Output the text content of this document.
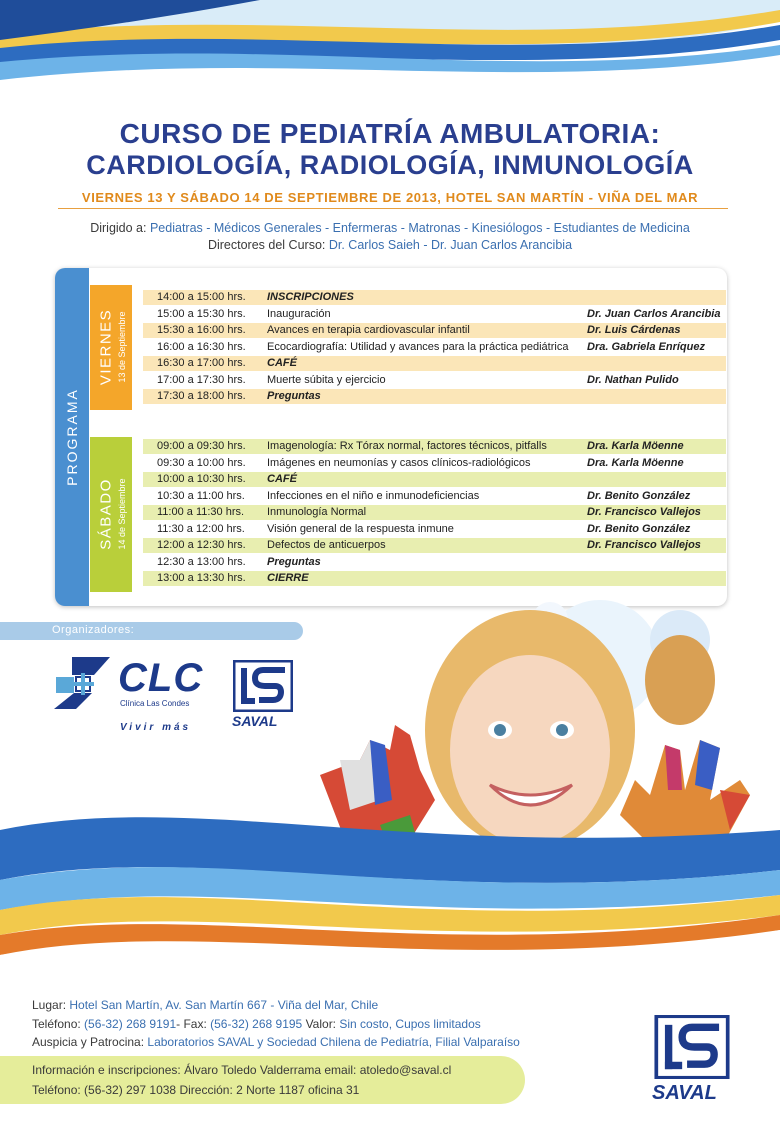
CURSO DE PEDIATRÍA AMBULATORIA:
CARDIOLOGÍA, RADIOLOGÍA, INMUNOLOGÍA
VIERNES 13 Y SÁBADO 14 DE SEPTIEMBRE DE 2013, HOTEL SAN MARTÍN - VIÑA DEL MAR
Dirigido a: Pediatras - Médicos Generales - Enfermeras - Matronas - Kinesiólogos - Estudiantes de Medicina
Directores del Curso: Dr. Carlos Saieh - Dr. Juan Carlos Arancibia
PROGRAMA
VIERNES 13 de Septiembre
SÁBADO 14 de Septiembre
14:00 a 15:00 hrs. INSCRIPCIONES
15:00 a 15:30 hrs. Inauguración	Dr. Juan Carlos Arancibia
15:30 a 16:00 hrs. Avances en terapia cardiovascular infantil	Dr. Luis Cárdenas
16:00 a 16:30 hrs. Ecocardiografía: Utilidad y avances para la práctica pediátrica Dra. Gabriela Enríquez
16:30 a 17:00 hrs. CAFÉ
17:00 a 17:30 hrs. Muerte súbita y ejercicio	Dr. Nathan Pulido
17:30 a 18:00 hrs. Preguntas
09:00 a 09:30 hrs. Imagenología: Rx Tórax normal, factores técnicos, pitfalls	Dra. Karla Möenne
09:30 a 10:00 hrs. Imágenes en neumonías y casos clínicos-radiológicos	Dra. Karla Möenne
10:00 a 10:30 hrs. CAFÉ
10:30 a 11:00 hrs. Infecciones en el niño e inmunodeficiencias	Dr. Benito González
11:00 a 11:30 hrs. Inmunología Normal	Dr. Francisco Vallejos
11:30 a 12:00 hrs. Visión general de la respuesta inmune	Dr. Benito González
12:00 a 12:30 hrs. Defectos de anticuerpos	Dr. Francisco Vallejos
12:30 a 13:00 hrs. Preguntas
13:00 a 13:30 hrs. CIERRE
Organizadores:
CLC
Clínica Las Condes
Vivir más	SAVAL
Lugar: Hotel San Martín, Av. San Martín 667 - Viña del Mar, Chile
Teléfono: (56-32) 268 9191- Fax: (56-32) 268 9195 Valor: Sin costo, Cupos limitados
Auspicia y Patrocina: Laboratorios SAVAL y Sociedad Chilena de Pediatría, Filial Valparaíso
Información e inscripciones: Álvaro Toledo Valderrama email: atoledo@saval.cl
Teléfono: (56-32) 297 1038 Dirección: 2 Norte 1187 oficina 31	SAVAL
